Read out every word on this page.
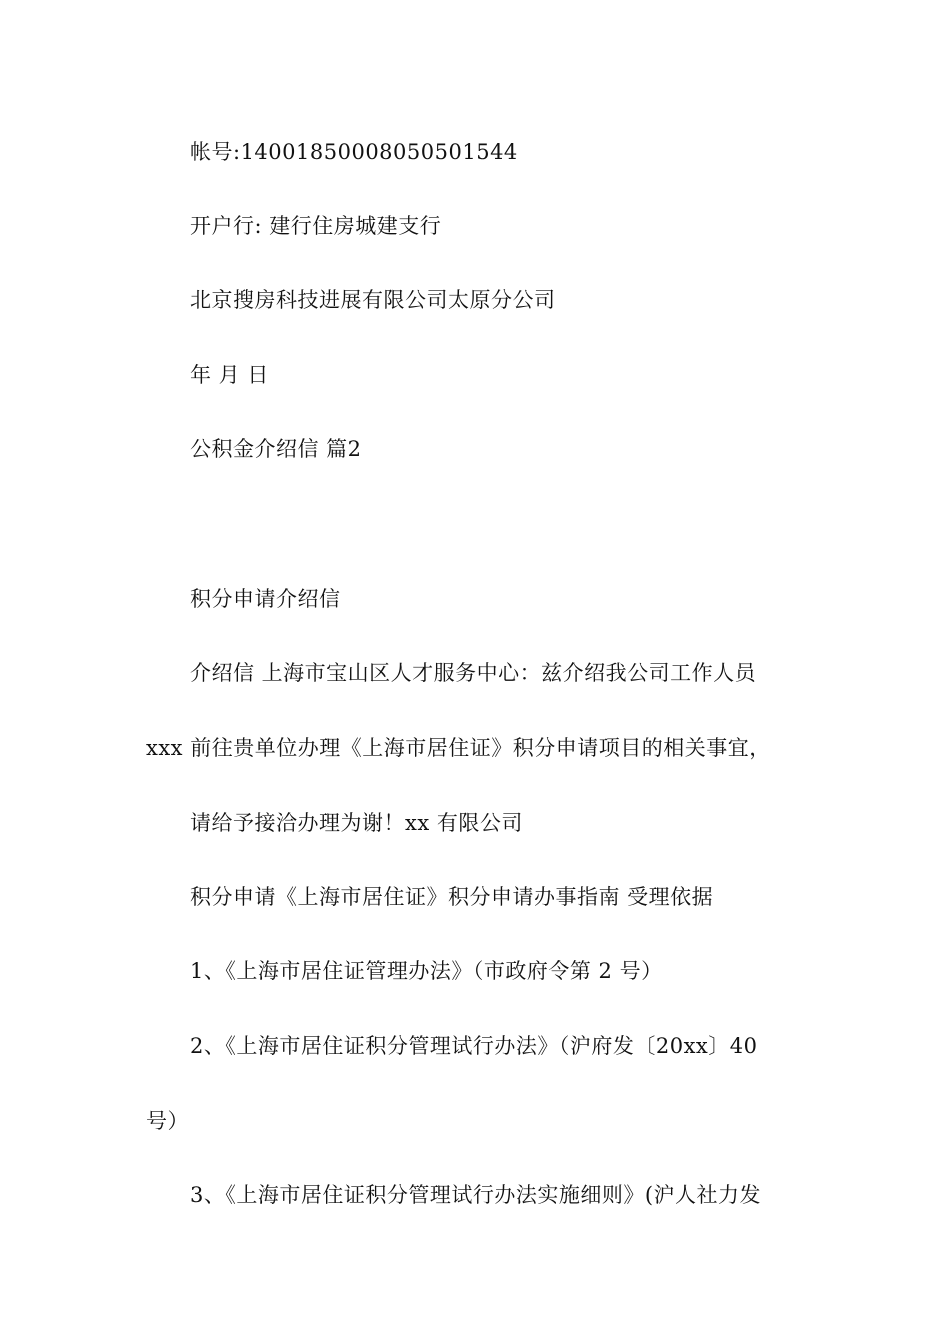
帐号:14001850008050501544
开户行: 建行住房城建支行
北京搜房科技进展有限公司太原分公司
年 月 日
公积金介绍信 篇2
积分申请介绍信
介绍信 上海市宝山区人才服务中心：兹介绍我公司工作人员
xxx 前往贵单位办理《上海市居住证》积分申请项目的相关事宜，
请给予接洽办理为谢！xx 有限公司
积分申请《上海市居住证》积分申请办事指南 受理依据
1、《上海市居住证管理办法》（市政府令第 2 号）
2、《上海市居住证积分管理试行办法》（沪府发〔20xx〕40
号）
3、《上海市居住证积分管理试行办法实施细则》(沪人社力发
